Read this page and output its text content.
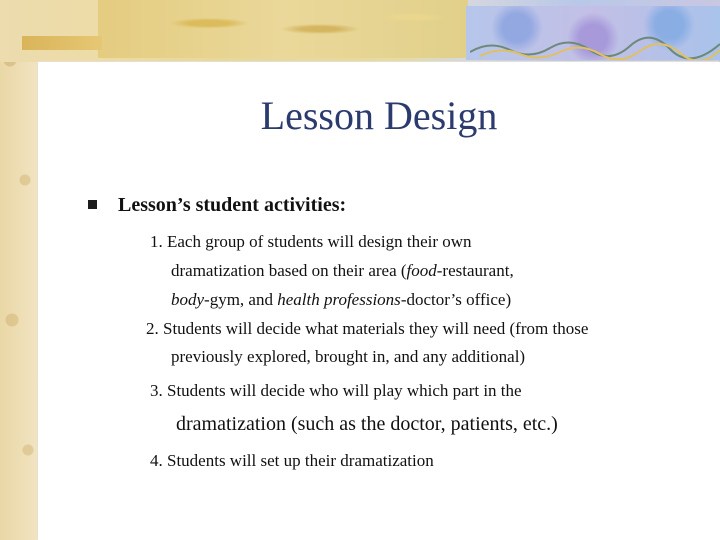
Lesson Design
Lesson’s student activities:
1. Each group of students will design their own
dramatization based on their area (food-restaurant,
body-gym, and health professions-doctor’s office)
2. Students will decide what materials they will need (from those
previously explored, brought in, and any additional)
3. Students will decide who will play which part in the
dramatization (such as the doctor, patients, etc.)
4. Students will set up their dramatization
